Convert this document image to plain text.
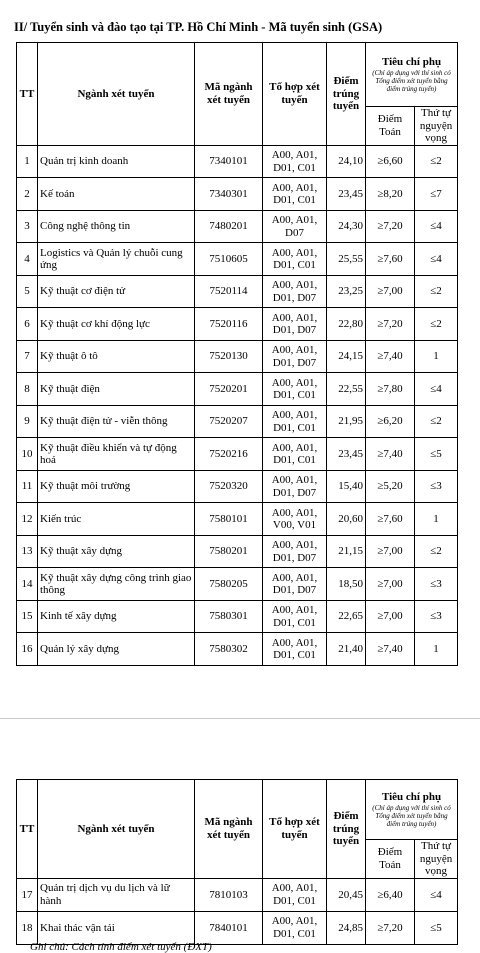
II/ Tuyển sinh và đào tạo tại TP. Hồ Chí Minh - Mã tuyển sinh (GSA)
TT	Ngành xét tuyển	Mã ngành xét tuyển	Tổ hợp xét tuyển	Điểm trúng tuyển	Tiêu chí phụ
(Chỉ áp dụng với thí sinh có Tổng điểm xét tuyển bằng điểm trúng tuyển)	

					Điểm Toán	Thứ tự nguyện vọng
1	Quản trị kinh doanh	7340101	A00, A01, D01, C01	24,10	≥6,60	≤2
2	Kế toán	7340301	A00, A01, D01, C01	23,45	≥8,20	≤7
3	Công nghệ thông tin	7480201	A00, A01, D07	24,30	≥7,20	≤4
4	Logistics và Quản lý chuỗi cung ứng	7510605	A00, A01, D01, C01	25,55	≥7,60	≤4
5	Kỹ thuật cơ điện tử	7520114	A00, A01, D01, D07	23,25	≥7,00	≤2
6	Kỹ thuật cơ khí động lực	7520116	A00, A01, D01, D07	22,80	≥7,20	≤2
7	Kỹ thuật ô tô	7520130	A00, A01, D01, D07	24,15	≥7,40	1
8	Kỹ thuật điện	7520201	A00, A01, D01, C01	22,55	≥7,80	≤4
9	Kỹ thuật điện tử - viễn thông	7520207	A00, A01, D01, C01	21,95	≥6,20	≤2
10	Kỹ thuật điều khiển và tự động hoá	7520216	A00, A01, D01, C01	23,45	≥7,40	≤5
11	Kỹ thuật môi trường	7520320	A00, A01, D01, D07	15,40	≥5,20	≤3
12	Kiến trúc	7580101	A00, A01, V00, V01	20,60	≥7,60	1
13	Kỹ thuật xây dựng	7580201	A00, A01, D01, D07	21,15	≥7,00	≤2
14	Kỹ thuật xây dựng công trình giao thông	7580205	A00, A01, D01, D07	18,50	≥7,00	≤3
15	Kinh tế xây dựng	7580301	A00, A01, D01, C01	22,65	≥7,00	≤3
16	Quản lý xây dựng	7580302	A00, A01, D01, C01	21,40	≥7,40	1
TT	Ngành xét tuyển	Mã ngành xét tuyển	Tổ hợp xét tuyển	Điểm trúng tuyển	Tiêu chí phụ
(Chỉ áp dụng với thí sinh có Tổng điểm xét tuyển bằng điểm trúng tuyển)	

					Điểm Toán	Thứ tự nguyện vọng
17	Quản trị dịch vụ du lịch và lữ hành	7810103	A00, A01, D01, C01	20,45	≥6,40	≤4
18	Khai thác vận tải	7840101	A00, A01, D01, C01	24,85	≥7,20	≤5
Ghi chú: Cách tính điểm xét tuyển (ĐXT)
